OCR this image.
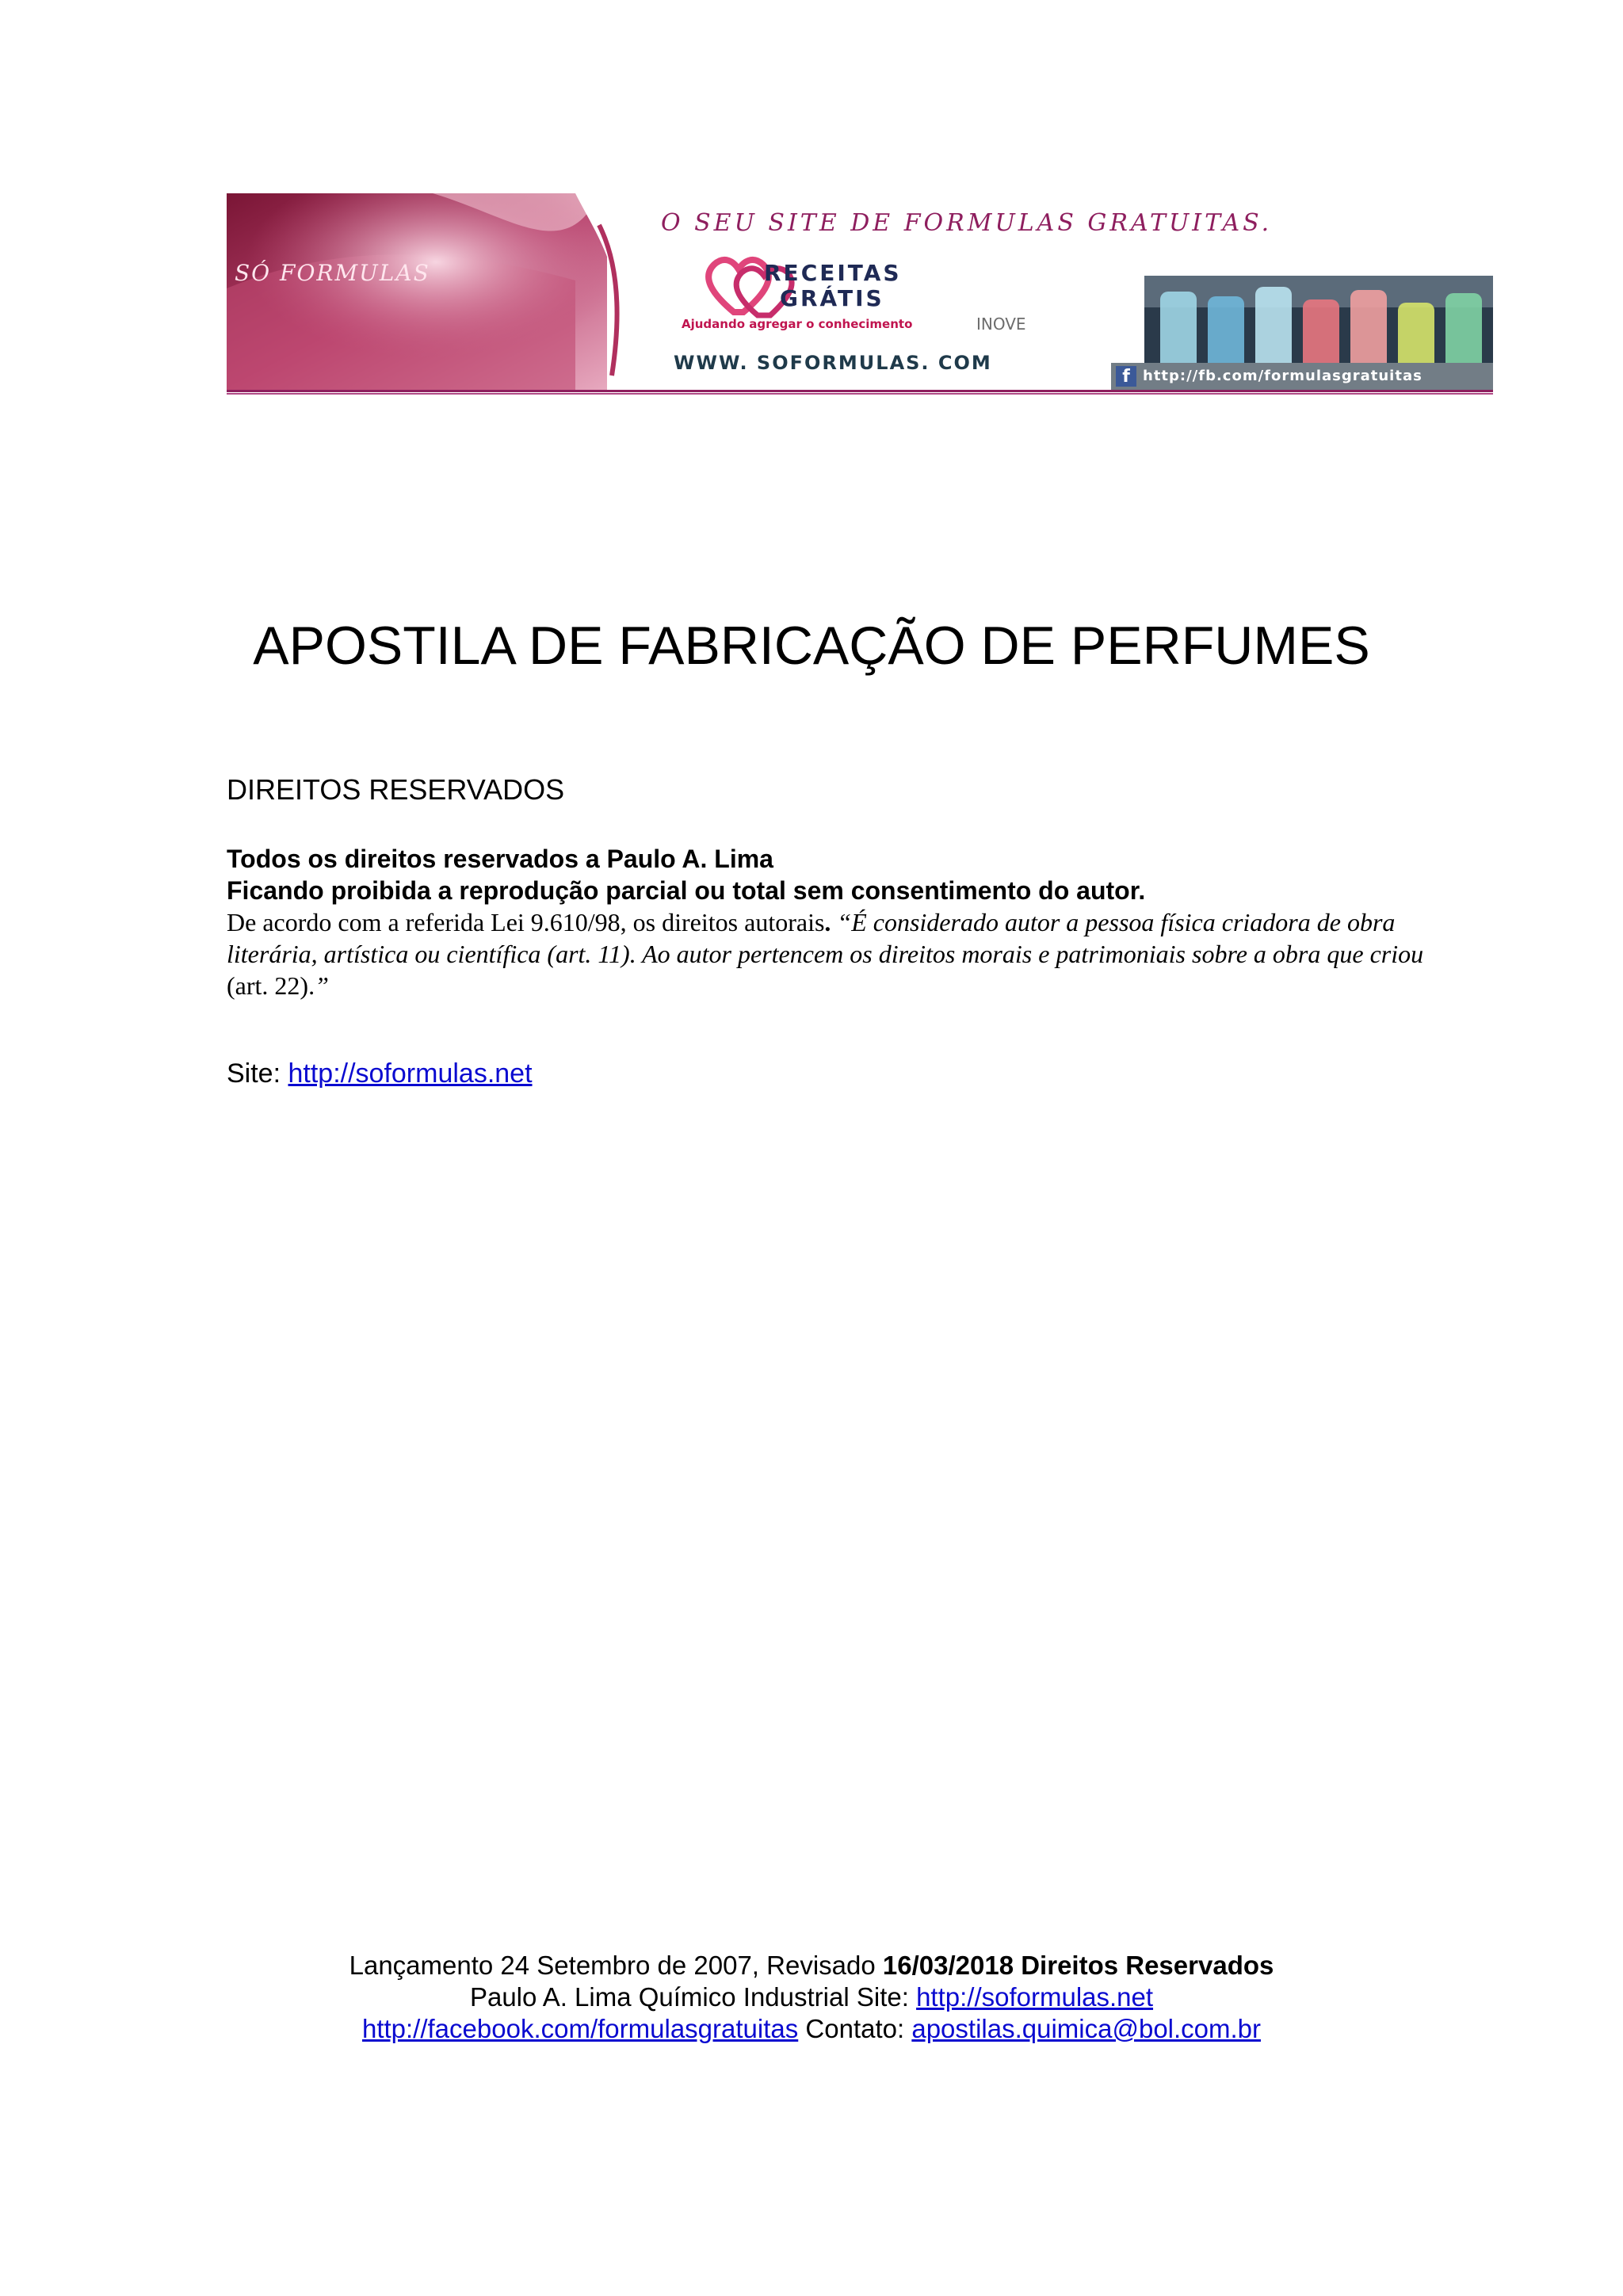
O SEU SITE DE FORMULAS GRATUITAS.
SÓ FORMULAS	RECEITAS
GRÁTIS
Ajudando agregar o conhecimento	INOVE
WWW. SOFORMULAS. COM
f http://fb.com/formulasgratuitas
APOSTILA DE FABRICAÇÃO DE PERFUMES
DIREITOS RESERVADOS
Todos os direitos reservados a Paulo A. Lima
Ficando proibida a reprodução parcial ou total sem consentimento do autor.
De acordo com a referida Lei 9.610/98, os direitos autorais. “É considerado autor a pessoa física criadora de obra literária, artística ou científica (art. 11). Ao autor pertencem os direitos morais e patrimoniais sobre a obra que criou (art. 22).”
Site: http://soformulas.net
Lançamento 24 Setembro de 2007, Revisado 16/03/2018 Direitos Reservados
Paulo A. Lima Químico Industrial Site: http://soformulas.net
http://facebook.com/formulasgratuitas Contato: apostilas.quimica@bol.com.br
